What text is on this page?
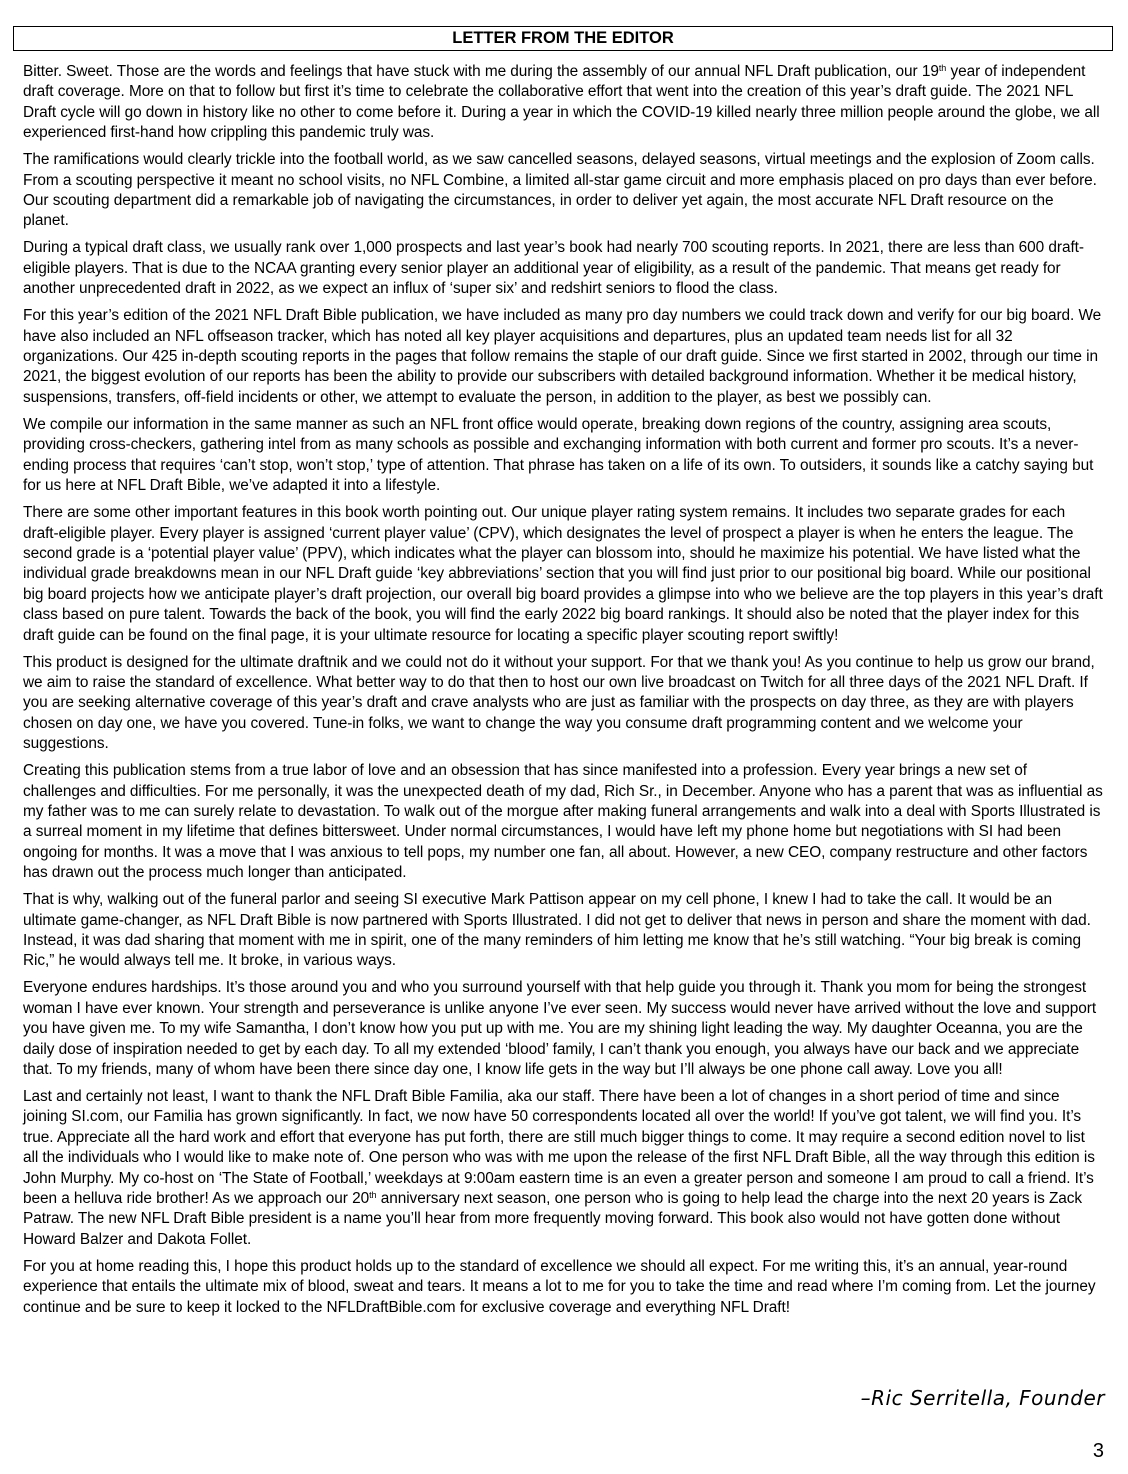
LETTER FROM THE EDITOR

Bitter. Sweet. Those are the words and feelings that have stuck with me during the assembly of our annual NFL Draft publication, our 19th year of independent draft coverage. More on that to follow but first it’s time to celebrate the collaborative effort that went into the creation of this year’s draft guide. The 2021 NFL Draft cycle will go down in history like no other to come before it. During a year in which the COVID-19 killed nearly three million people around the globe, we all experienced first-hand how crippling this pandemic truly was.

The ramifications would clearly trickle into the football world, as we saw cancelled seasons, delayed seasons, virtual meetings and the explosion of Zoom calls. From a scouting perspective it meant no school visits, no NFL Combine, a limited all-star game circuit and more emphasis placed on pro days than ever before. Our scouting department did a remarkable job of navigating the circumstances, in order to deliver yet again, the most accurate NFL Draft resource on the planet.

During a typical draft class, we usually rank over 1,000 prospects and last year’s book had nearly 700 scouting reports. In 2021, there are less than 600 draft-eligible players. That is due to the NCAA granting every senior player an additional year of eligibility, as a result of the pandemic. That means get ready for another unprecedented draft in 2022, as we expect an influx of ‘super six’ and redshirt seniors to flood the class.

For this year’s edition of the 2021 NFL Draft Bible publication, we have included as many pro day numbers we could track down and verify for our big board. We have also included an NFL offseason tracker, which has noted all key player acquisitions and departures, plus an updated team needs list for all 32 organizations. Our 425 in-depth scouting reports in the pages that follow remains the staple of our draft guide. Since we first started in 2002, through our time in 2021, the biggest evolution of our reports has been the ability to provide our subscribers with detailed background information. Whether it be medical history, suspensions, transfers, off-field incidents or other, we attempt to evaluate the person, in addition to the player, as best we possibly can.

We compile our information in the same manner as such an NFL front office would operate, breaking down regions of the country, assigning area scouts, providing cross-checkers, gathering intel from as many schools as possible and exchanging information with both current and former pro scouts. It’s a never-ending process that requires ‘can’t stop, won’t stop,’ type of attention. That phrase has taken on a life of its own. To outsiders, it sounds like a catchy saying but for us here at NFL Draft Bible, we’ve adapted it into a lifestyle.

There are some other important features in this book worth pointing out. Our unique player rating system remains. It includes two separate grades for each draft-eligible player. Every player is assigned ‘current player value’ (CPV), which designates the level of prospect a player is when he enters the league. The second grade is a ‘potential player value’ (PPV), which indicates what the player can blossom into, should he maximize his potential. We have listed what the individual grade breakdowns mean in our NFL Draft guide ‘key abbreviations’ section that you will find just prior to our positional big board. While our positional big board projects how we anticipate player’s draft projection, our overall big board provides a glimpse into who we believe are the top players in this year’s draft class based on pure talent. Towards the back of the book, you will find the early 2022 big board rankings. It should also be noted that the player index for this draft guide can be found on the final page, it is your ultimate resource for locating a specific player scouting report swiftly!

This product is designed for the ultimate draftnik and we could not do it without your support. For that we thank you! As you continue to help us grow our brand, we aim to raise the standard of excellence. What better way to do that then to host our own live broadcast on Twitch for all three days of the 2021 NFL Draft. If you are seeking alternative coverage of this year’s draft and crave analysts who are just as familiar with the prospects on day three, as they are with players chosen on day one, we have you covered. Tune-in folks, we want to change the way you consume draft programming content and we welcome your suggestions.

Creating this publication stems from a true labor of love and an obsession that has since manifested into a profession. Every year brings a new set of challenges and difficulties. For me personally, it was the unexpected death of my dad, Rich Sr., in December. Anyone who has a parent that was as influential as my father was to me can surely relate to devastation. To walk out of the morgue after making funeral arrangements and walk into a deal with Sports Illustrated is a surreal moment in my lifetime that defines bittersweet. Under normal circumstances, I would have left my phone home but negotiations with SI had been ongoing for months. It was a move that I was anxious to tell pops, my number one fan, all about. However, a new CEO, company restructure and other factors has drawn out the process much longer than anticipated.

That is why, walking out of the funeral parlor and seeing SI executive Mark Pattison appear on my cell phone, I knew I had to take the call. It would be an ultimate game-changer, as NFL Draft Bible is now partnered with Sports Illustrated. I did not get to deliver that news in person and share the moment with dad. Instead, it was dad sharing that moment with me in spirit, one of the many reminders of him letting me know that he’s still watching. “Your big break is coming Ric,” he would always tell me. It broke, in various ways.

Everyone endures hardships. It’s those around you and who you surround yourself with that help guide you through it. Thank you mom for being the strongest woman I have ever known. Your strength and perseverance is unlike anyone I’ve ever seen. My success would never have arrived without the love and support you have given me. To my wife Samantha, I don’t know how you put up with me. You are my shining light leading the way. My daughter Oceanna, you are the daily dose of inspiration needed to get by each day. To all my extended ‘blood’ family, I can’t thank you enough, you always have our back and we appreciate that. To my friends, many of whom have been there since day one, I know life gets in the way but I’ll always be one phone call away. Love you all!

Last and certainly not least, I want to thank the NFL Draft Bible Familia, aka our staff. There have been a lot of changes in a short period of time and since joining SI.com, our Familia has grown significantly. In fact, we now have 50 correspondents located all over the world! If you’ve got talent, we will find you. It’s true. Appreciate all the hard work and effort that everyone has put forth, there are still much bigger things to come. It may require a second edition novel to list all the individuals who I would like to make note of. One person who was with me upon the release of the first NFL Draft Bible, all the way through this edition is John Murphy. My co-host on ‘The State of Football,’ weekdays at 9:00am eastern time is an even a greater person and someone I am proud to call a friend. It’s been a helluva ride brother! As we approach our 20th anniversary next season, one person who is going to help lead the charge into the next 20 years is Zack Patraw. The new NFL Draft Bible president is a name you’ll hear from more frequently moving forward. This book also would not have gotten done without Howard Balzer and Dakota Follet.

For you at home reading this, I hope this product holds up to the standard of excellence we should all expect. For me writing this, it’s an annual, year-round experience that entails the ultimate mix of blood, sweat and tears. It means a lot to me for you to take the time and read where I’m coming from. Let the journey continue and be sure to keep it locked to the NFLDraftBible.com for exclusive coverage and everything NFL Draft!

–Ric Serritella, Founder
3
